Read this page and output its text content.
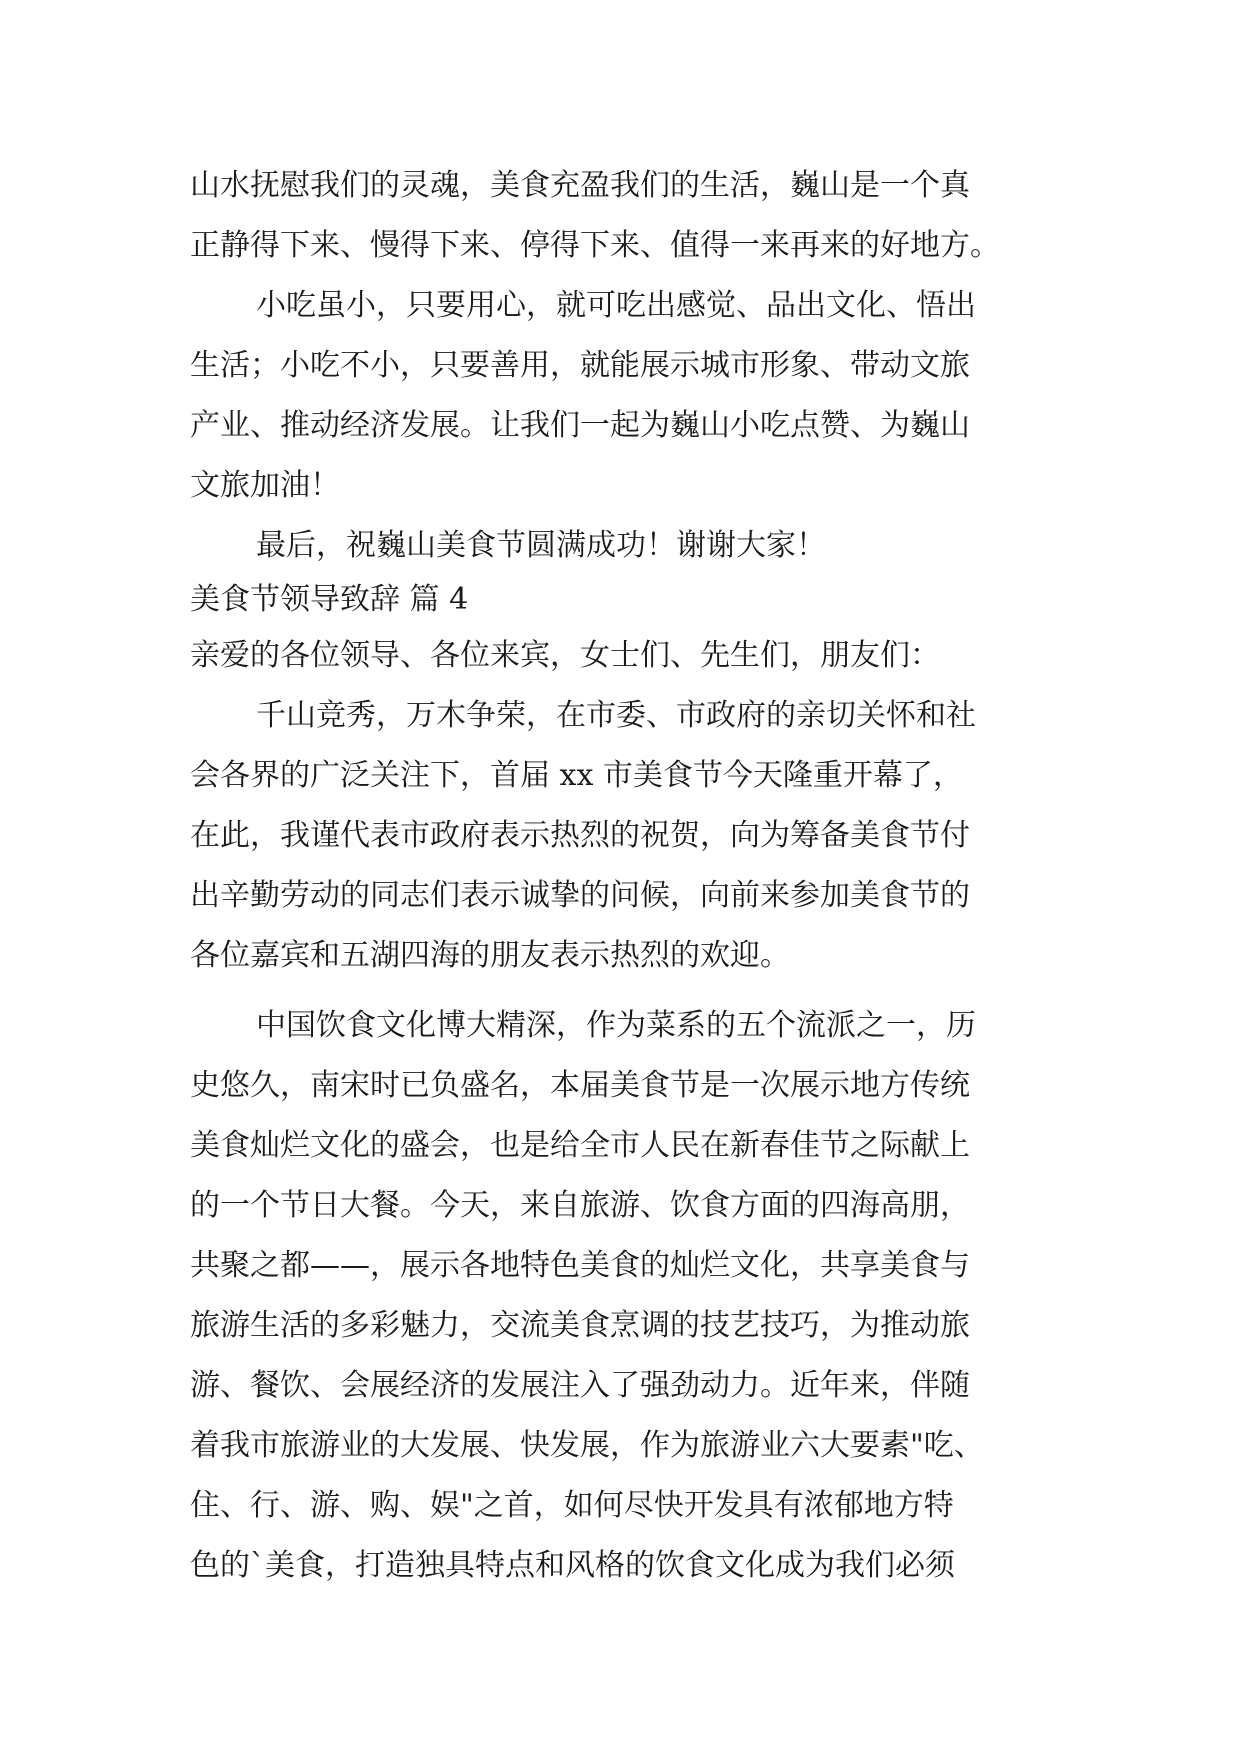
山水抚慰我们的灵魂，美食充盈我们的生活，巍山是一个真
正静得下来、慢得下来、停得下来、值得一来再来的好地方。
小吃虽小，只要用心，就可吃出感觉、品出文化、悟出
生活；小吃不小，只要善用，就能展示城市形象、带动文旅
产业、推动经济发展。让我们一起为巍山小吃点赞、为巍山
文旅加油！
最后，祝巍山美食节圆满成功！谢谢大家！
美食节领导致辞 篇 4
亲爱的各位领导、各位来宾，女士们、先生们，朋友们：
千山竞秀，万木争荣，在市委、市政府的亲切关怀和社
会各界的广泛关注下，首届 xx 市美食节今天隆重开幕了，
在此，我谨代表市政府表示热烈的祝贺，向为筹备美食节付
出辛勤劳动的同志们表示诚挚的问候，向前来参加美食节的
各位嘉宾和五湖四海的朋友表示热烈的欢迎。
中国饮食文化博大精深，作为菜系的五个流派之一，历
史悠久，南宋时已负盛名，本届美食节是一次展示地方传统
美食灿烂文化的盛会，也是给全市人民在新春佳节之际献上
的一个节日大餐。今天，来自旅游、饮食方面的四海高朋，
共聚之都——，展示各地特色美食的灿烂文化，共享美食与
旅游生活的多彩魅力，交流美食烹调的技艺技巧，为推动旅
游、餐饮、会展经济的发展注入了强劲动力。近年来，伴随
着我市旅游业的大发展、快发展，作为旅游业六大要素"吃、
住、行、游、购、娱"之首，如何尽快开发具有浓郁地方特
色的`美食，打造独具特点和风格的饮食文化成为我们必须
